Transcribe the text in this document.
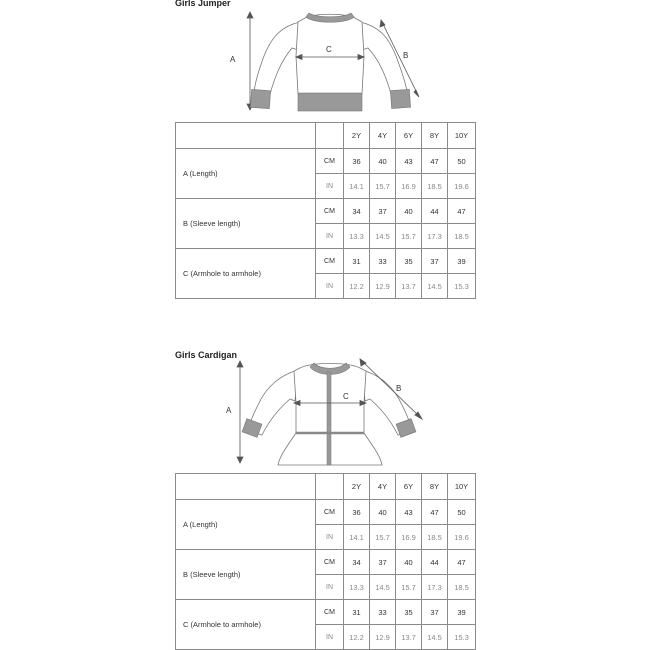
Girls Jumper
A
C
B
		2Y	4Y	6Y	8Y	10Y
A (Length)	CM	36	40	43	47	50
	IN	14.1	15.7	16.9	18.5	19.6
B (Sleeve length)	CM	34	37	40	44	47
	IN	13.3	14.5	15.7	17.3	18.5
C (Armhole to armhole)	CM	31	33	35	37	39
	IN	12.2	12.9	13.7	14.5	15.3
Girls Cardigan
A
C
B
		2Y	4Y	6Y	8Y	10Y
A (Length)	CM	36	40	43	47	50
	IN	14.1	15.7	16.9	18.5	19.6
B (Sleeve length)	CM	34	37	40	44	47
	IN	13.3	14.5	15.7	17.3	18.5
C (Armhole to armhole)	CM	31	33	35	37	39
	IN	12.2	12.9	13.7	14.5	15.3
